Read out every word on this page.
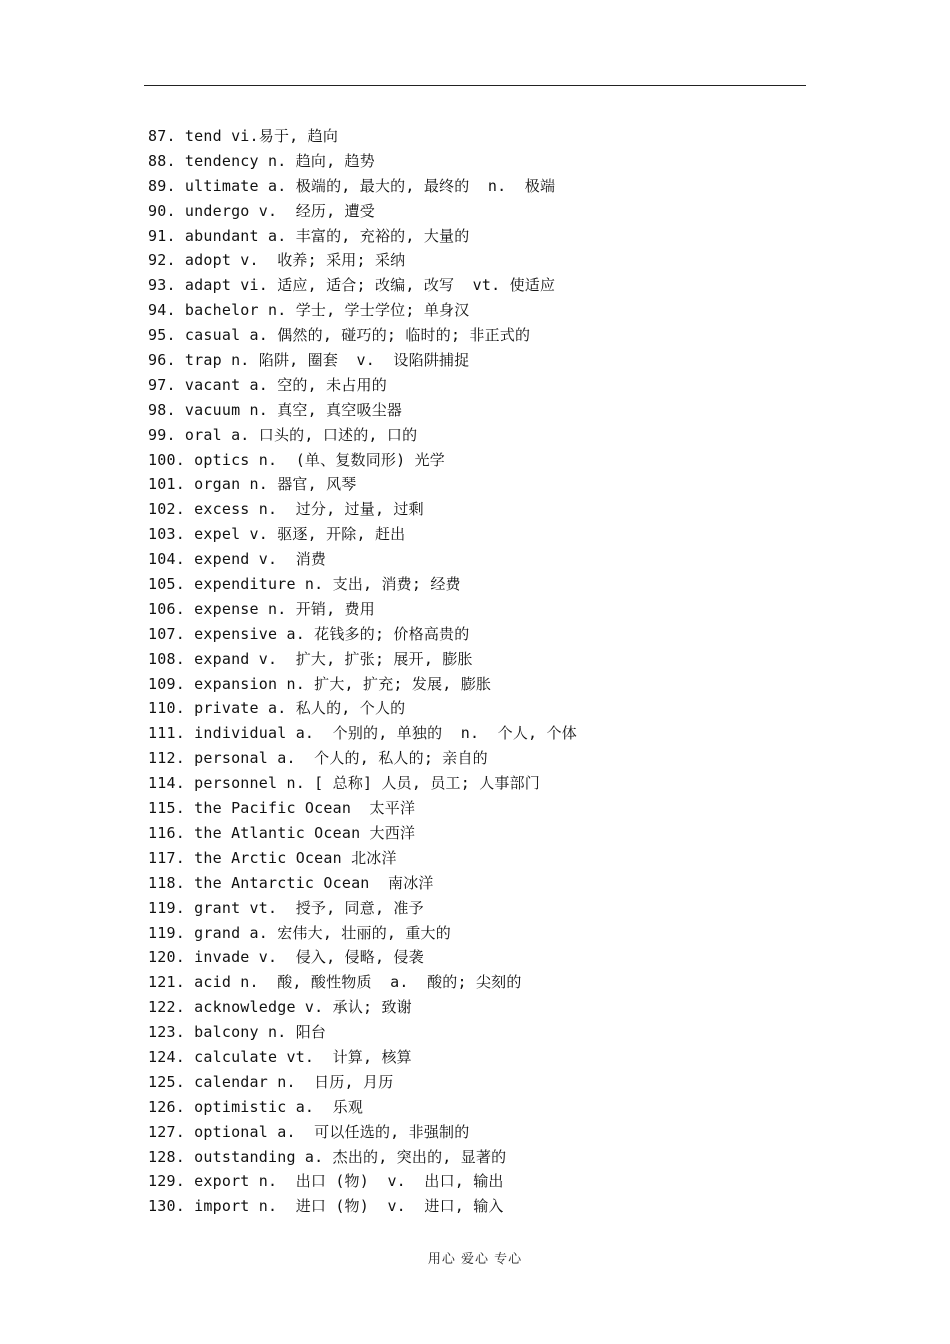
87. tend vi.易于, 趋向
88. tendency n. 趋向, 趋势
89. ultimate a. 极端的, 最大的, 最终的  n.  极端
90. undergo v.  经历, 遭受
91. abundant a. 丰富的, 充裕的, 大量的
92. adopt v.  收养; 采用; 采纳
93. adapt vi. 适应, 适合; 改编, 改写  vt. 使适应
94. bachelor n. 学士, 学士学位; 单身汉
95. casual a. 偶然的, 碰巧的; 临时的; 非正式的
96. trap n. 陷阱, 圈套  v.  设陷阱捕捉
97. vacant a. 空的, 未占用的
98. vacuum n. 真空, 真空吸尘器
99. oral a. 口头的, 口述的, 口的
100. optics n.  (单、复数同形) 光学
101. organ n. 器官, 风琴
102. excess n.  过分, 过量, 过剩
103. expel v. 驱逐, 开除, 赶出
104. expend v.  消费
105. expenditure n. 支出, 消费; 经费
106. expense n. 开销, 费用
107. expensive a. 花钱多的; 价格高贵的
108. expand v.  扩大, 扩张; 展开, 膨胀
109. expansion n. 扩大, 扩充; 发展, 膨胀
110. private a. 私人的, 个人的
111. individual a.  个别的, 单独的  n.  个人, 个体
112. personal a.  个人的, 私人的; 亲自的
114. personnel n. [ 总称] 人员, 员工; 人事部门
115. the Pacific Ocean  太平洋
116. the Atlantic Ocean 大西洋
117. the Arctic Ocean 北冰洋
118. the Antarctic Ocean  南冰洋
119. grant vt.  授予, 同意, 准予
119. grand a. 宏伟大, 壮丽的, 重大的
120. invade v.  侵入, 侵略, 侵袭
121. acid n.  酸, 酸性物质  a.  酸的; 尖刻的
122. acknowledge v. 承认; 致谢
123. balcony n. 阳台
124. calculate vt.  计算, 核算
125. calendar n.  日历, 月历
126. optimistic a.  乐观
127. optional a.  可以任选的, 非强制的
128. outstanding a. 杰出的, 突出的, 显著的
129. export n.  出口 (物)  v.  出口, 输出
130. import n.  进口 (物)  v.  进口, 输入
用心 爱心 专心
